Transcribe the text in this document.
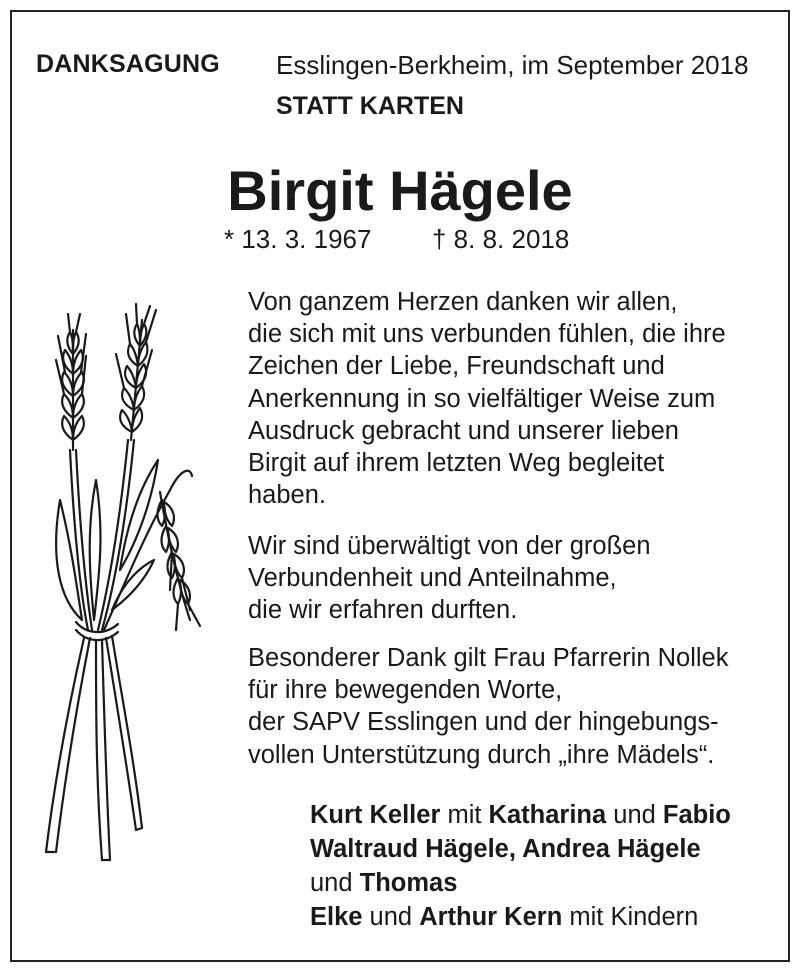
DANKSAGUNG Esslingen-Berkheim, im September 2018
STATT KARTEN
Birgit Hägele
* 13. 3. 1967 † 8. 8. 2018
Von ganzem Herzen danken wir allen,
die sich mit uns verbunden fühlen, die ihre
Zeichen der Liebe, Freundschaft und
Anerkennung in so vielfältiger Weise zum
Ausdruck gebracht und unserer lieben
Birgit auf ihrem letzten Weg begleitet
haben.
Wir sind überwältigt von der großen
Verbundenheit und Anteilnahme,
die wir erfahren durften.
Besonderer Dank gilt Frau Pfarrerin Nollek
für ihre bewegenden Worte,
der SAPV Esslingen und der hingebungs-
vollen Unterstützung durch „ihre Mädels“.
Kurt Keller mit Katharina und Fabio
Waltraud Hägele, Andrea Hägele
und Thomas
Elke und Arthur Kern mit Kindern
